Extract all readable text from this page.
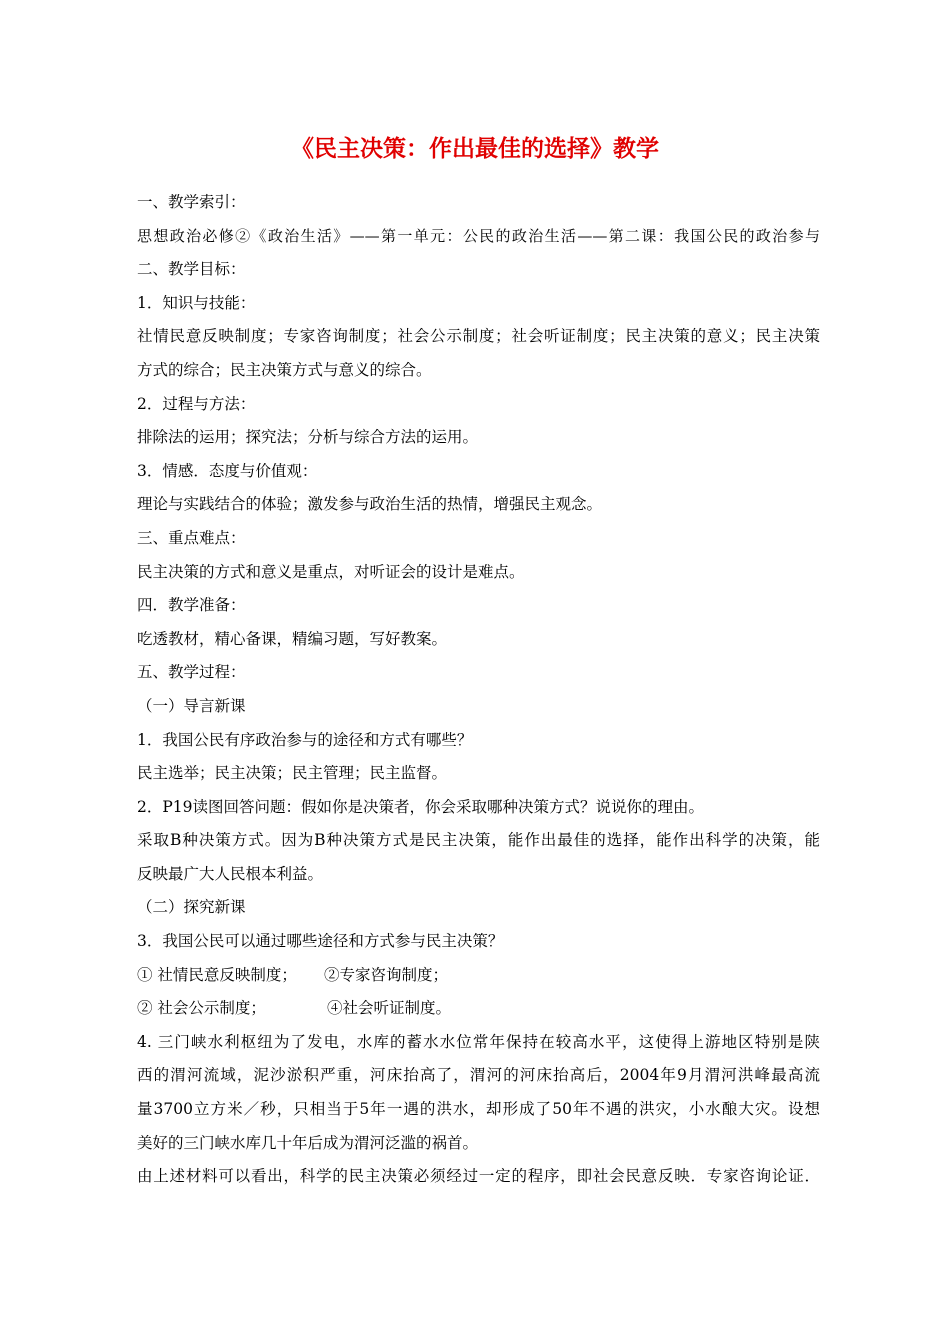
《民主决策：作出最佳的选择》教学
一、教学索引：
思想政治必修②《政治生活》——第一单元：公民的政治生活——第二课：我国公民的政治参与
二、教学目标：
1．知识与技能：
社情民意反映制度；专家咨询制度；社会公示制度；社会听证制度；民主决策的意义；民主决策
方式的综合；民主决策方式与意义的综合。
2．过程与方法：
排除法的运用；探究法；分析与综合方法的运用。
3．情感．态度与价值观：
理论与实践结合的体验；激发参与政治生活的热情，增强民主观念。
三、重点难点：
民主决策的方式和意义是重点，对听证会的设计是难点。
四．教学准备：
吃透教材，精心备课，精编习题，写好教案。
五、教学过程：
（一）导言新课
1．我国公民有序政治参与的途径和方式有哪些？
民主选举；民主决策；民主管理；民主监督。
2．P19读图回答问题：假如你是决策者，你会采取哪种决策方式？说说你的理由。
采取B种决策方式。因为B种决策方式是民主决策，能作出最佳的选择，能作出科学的决策，能
反映最广大人民根本利益。
（二）探究新课
3．我国公民可以通过哪些途径和方式参与民主决策？
① 社情民意反映制度； ②专家咨询制度；
② 社会公示制度；	④社会听证制度。
4. 三门峡水利枢纽为了发电，水库的蓄水水位常年保持在较高水平，这使得上游地区特别是陕
西的渭河流域，泥沙淤积严重，河床抬高了，渭河的河床抬高后，2004年9月渭河洪峰最高流
量3700立方米／秒，只相当于5年一遇的洪水，却形成了50年不遇的洪灾，小水酿大灾。设想
美好的三门峡水库几十年后成为渭河泛滥的祸首。
由上述材料可以看出，科学的民主决策必须经过一定的程序，即社会民意反映．专家咨询论证．
